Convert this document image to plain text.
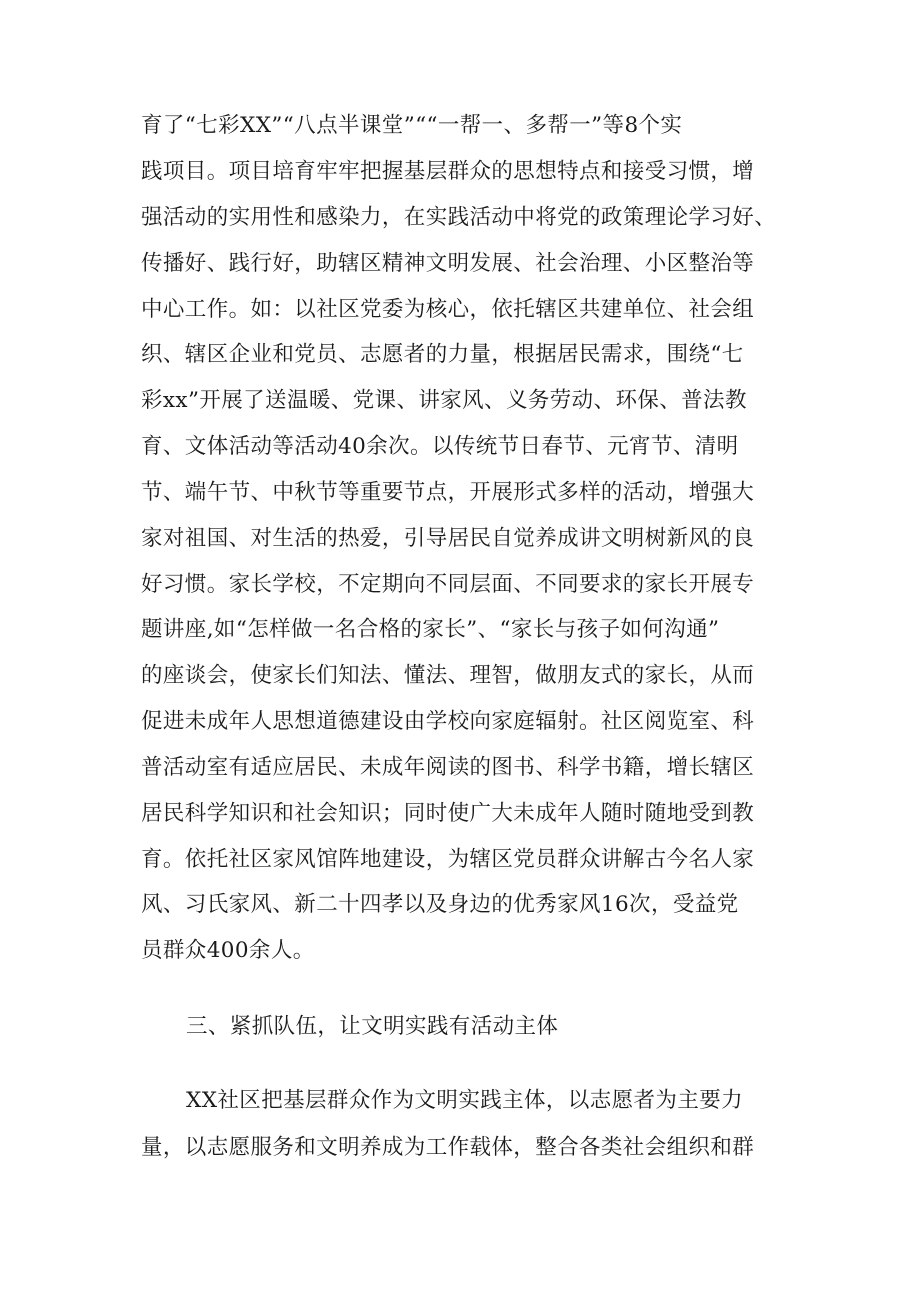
育了“七彩XX”“八点半课堂”““一帮一、多帮一”等8个实

践项目。项目培育牢牢把握基层群众的思想特点和接受习惯，增

强活动的实用性和感染力，在实践活动中将党的政策理论学习好、

传播好、践行好，助辖区精神文明发展、社会治理、小区整治等

中心工作。如：以社区党委为核心，依托辖区共建单位、社会组

织、辖区企业和党员、志愿者的力量，根据居民需求，围绕“七

彩xx”开展了送温暖、党课、讲家风、义务劳动、环保、普法教

育、文体活动等活动40余次。以传统节日春节、元宵节、清明

节、端午节、中秋节等重要节点，开展形式多样的活动，增强大

家对祖国、对生活的热爱，引导居民自觉养成讲文明树新风的良

好习惯。家长学校，不定期向不同层面、不同要求的家长开展专

题讲座,如“怎样做一名合格的家长”、“家长与孩子如何沟通”

的座谈会，使家长们知法、懂法、理智，做朋友式的家长，从而

促进未成年人思想道德建设由学校向家庭辐射。社区阅览室、科

普活动室有适应居民、未成年阅读的图书、科学书籍，增长辖区

居民科学知识和社会知识；同时使广大未成年人随时随地受到教

育。依托社区家风馆阵地建设，为辖区党员群众讲解古今名人家

风、习氏家风、新二十四孝以及身边的优秀家风16次，受益党

员群众400余人。

三、紧抓队伍，让文明实践有活动主体

XX社区把基层群众作为文明实践主体，以志愿者为主要力

量，以志愿服务和文明养成为工作载体，整合各类社会组织和群
